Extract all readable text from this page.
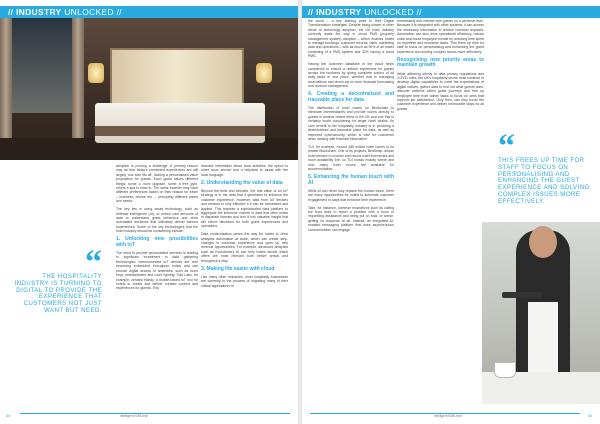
// INDUSTRY UNLOCKED //
“
THE HOSPITALITY INDUSTRY IS TURNING TO DIGITAL TO PROVIDE THE EXPERIENCE THAT CUSTOMERS NOT JUST WANT BUT NEED.

adoption is proving a challenge. A primary reason may be that today's connected experiences are still largely 'one size fits all', lacking a personalised value proposition for guests. Each guest values different things: some a room upgrade, some a free gym, others a spa to relax in. The same traveller may have different preferences based on their reason for travel – business, leisure etc. – prompting different wants and needs.

The key lies in using smart technology, such as Artificial Intelligence (AI), to unlock vast amounts of data to understand guest behaviour and drive automated decisions that ultimately deliver tailored experiences. Some of the key technologies that the hotel industry should be considering include:

1. Unlocking new possibilities with IoT

The need to provide personalised services is leading to significant investment in data gathering technologies. Interconnected IoT devices are now becoming embedded throughout hotels and can provide digital access to amenities, such as room keys, entertainment and room lighting. Tide Labs, for example, created Handy, a mobile-based IoT tool for hotels to create and deliver curated content and experiences for guests. This

includes information about local activities, the option to order room service and a helpdesk to assist with the local language.

2. Understanding the value of data

Beyond the bells and whistles, the real value of an IoT strategy is in the data that it generates to enhance the customer experience. However, data from IoT devices and sensors is only effective if it can be harnessed and applied. This requires a sophisticated data platform to aggregate the immense volume of data that often exists in disparate formats and turn it into valuable insight that will inform decisions for both guest experiences and operations.

Data modernisation paves the way for hotels to drive analytics automation at scale, which can create step-changes in customer experience and open up new revenue opportunities. For example, advanced analytics such as Evolutionary AI can help hotels decide which offers are most relevant both before arrival and throughout a stay.

3. Making life easier with cloud

Like many other industries, most hospitality businesses are currently in the process of migrating many of their critical applications to

54	intelligent KMB.tech
// INDUSTRY UNLOCKED //

the cloud – a key starting point to their Digital Transformation strategies. Despite being slower in other areas of technology adoption, the UK hotel industry currently leads the way in cloud PMS (property management system) adoption – which enables hotels to manage bookings, customer records, rates, marketing data and operations – with as much as 90% of all hotels consisting of a PMS system and 32% having a cloud PMS.

Having the customer database in the cloud helps companies to ensure a uniform experience for guests across the business by giving complete control of all daily tasks in one place, whether that is managing reservations and check-ins or more financial forecasting and revenue management.

4. Creating a decentralised and traceable place for data

The distribution of hotel rooms on Blockchain to eliminate intermediaries and provide rooms directly to guests is another recent trend in the UK and one that is certainly worth considering for larger hotel chains. Its core benefit to the hospitality industry is in providing a decentralised and traceable place for data, as well as improved cybersecurity, which is vital for customers when dealing with financial information.

TUI, for example, moved 180 million hotel rooms to its private Blockchain. One of its projects, BedSwap, allows hotel owners to monitor and record hotel inventories and room availability live, so TUI knows exactly where and how many hotel rooms are available for accommodation.

5. Enhancing the human touch with AI

While AI can never fully replace the human touch, there are many opportunities for hotels to automate customer engagement in ways that enhance their experience.

Take, for instance, common frustrations such as calling the front desk to report a problem with a room or requesting assistance and being put on hold, or worse, getting no response at all. Instead, an integrated AI-enabled messaging platform that uses asynchronous communication can engage

immediately and interact with guests on a personal level. Because it is integrated with other systems, it can access the necessary information to resolve common requests. Automation can also drive operational efficiency, reduce costs and boost employee morale by reducing time spent on repetitive and mundane tasks. This frees up time for staff to focus on personalising and enhancing the guest experience and solving complex issues more effectively.

Recognising new priority areas to maintain growth

While adhering strictly to data privacy regulations and COVID rules, the UK's hospitality sector must continue to develop digital capabilities to meet the expectations of digital natives, gather data to find out what guests want, discover patterns within guest journeys and free up employee time from admin tasks to focus on ones that improve job satisfaction. Only then, can they boost the customer experience and deliver memorable stays for all guests.

“
THIS FREES UP TIME FOR STAFF TO FOCUS ON PERSONALISING AND ENHANCING THE GUEST EXPERIENCE AND SOLVING COMPLEX ISSUES MORE EFFECTIVELY.
intelligent KMB.tech	55
